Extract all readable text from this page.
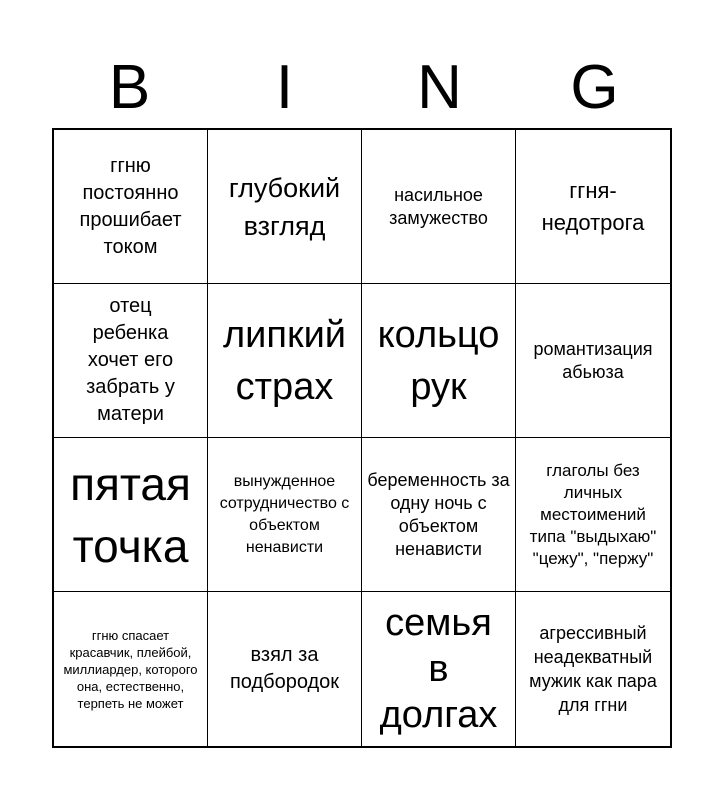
B	I	N	G
ггню постоянно прошибает током
глубокий взгляд
насильное замужество
ггня-недотрога
отец ребенка хочет его забрать у матери
липкий страх
кольцо рук
романтизация абьюза
пятая точка
вынужденное сотрудничество с объектом ненависти
беременность за одну ночь с объектом ненависти
глаголы без личных местоимений типа "выдыхаю" "цежу", "пержу"
ггню спасает красавчик, плейбой, миллиардер, которого она, естественно, терпеть не может
взял за подбородок
семья в долгах
агрессивный неадекватный мужик как пара для ггни
